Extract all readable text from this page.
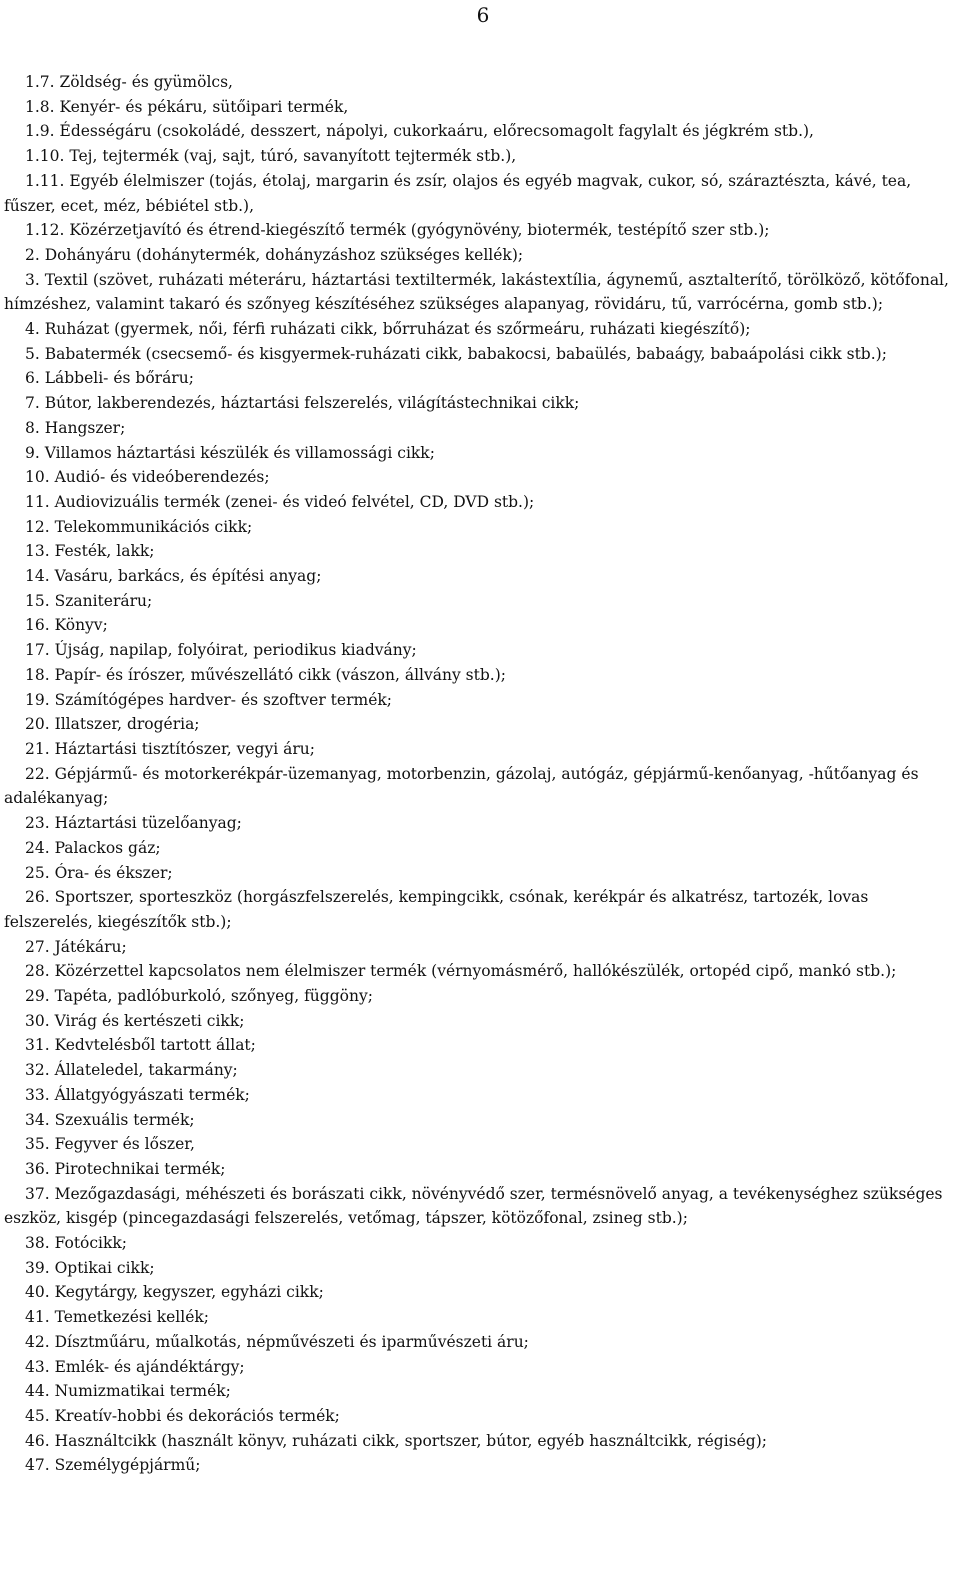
6

1.7. Zöldség- és gyümölcs,

1.8. Kenyér- és pékáru, sütőipari termék,

1.9. Édességáru (csokoládé, desszert, nápolyi, cukorkaáru, előrecsomagolt fagylalt és jégkrém stb.),

1.10. Tej, tejtermék (vaj, sajt, túró, savanyított tejtermék stb.),

1.11. Egyéb élelmiszer (tojás, étolaj, margarin és zsír, olajos és egyéb magvak, cukor, só, száraztészta, kávé, tea, fűszer, ecet, méz, bébiétel stb.),

1.12. Közérzetjavító és étrend-kiegészítő termék (gyógynövény, biotermék, testépítő szer stb.);

2. Dohányáru (dohánytermék, dohányzáshoz szükséges kellék);

3. Textil (szövet, ruházati méteráru, háztartási textiltermék, lakástextília, ágynemű, asztalterítő, törölköző, kötőfonal, hímzéshez, valamint takaró és szőnyeg készítéséhez szükséges alapanyag, rövidáru, tű, varrócérna, gomb stb.);

4. Ruházat (gyermek, női, férfi ruházati cikk, bőrruházat és szőrmeáru, ruházati kiegészítő);

5. Babatermék (csecsemő- és kisgyermek-ruházati cikk, babakocsi, babaülés, babaágy, babaápolási cikk stb.);

6. Lábbeli- és bőráru;

7. Bútor, lakberendezés, háztartási felszerelés, világítástechnikai cikk;

8. Hangszer;

9. Villamos háztartási készülék és villamossági cikk;

10. Audió- és videóberendezés;

11. Audiovizuális termék (zenei- és videó felvétel, CD, DVD stb.);

12. Telekommunikációs cikk;

13. Festék, lakk;

14. Vasáru, barkács, és építési anyag;

15. Szaniteráru;

16. Könyv;

17. Újság, napilap, folyóirat, periodikus kiadvány;

18. Papír- és írószer, művészellátó cikk (vászon, állvány stb.);

19. Számítógépes hardver- és szoftver termék;

20. Illatszer, drogéria;

21. Háztartási tisztítószer, vegyi áru;

22. Gépjármű- és motorkerékpár-üzemanyag, motorbenzin, gázolaj, autógáz, gépjármű-kenőanyag, -hűtőanyag és adalékanyag;

23. Háztartási tüzelőanyag;

24. Palackos gáz;

25. Óra- és ékszer;

26. Sportszer, sporteszköz (horgászfelszerelés, kempingcikk, csónak, kerékpár és alkatrész, tartozék, lovas felszerelés, kiegészítők stb.);

27. Játékáru;

28. Közérzettel kapcsolatos nem élelmiszer termék (vérnyomásmérő, hallókészülék, ortopéd cipő, mankó stb.);

29. Tapéta, padlóburkoló, szőnyeg, függöny;

30. Virág és kertészeti cikk;

31. Kedvtelésből tartott állat;

32. Állateledel, takarmány;

33. Állatgyógyászati termék;

34. Szexuális termék;

35. Fegyver és lőszer,

36. Pirotechnikai termék;

37. Mezőgazdasági, méhészeti és borászati cikk, növényvédő szer, termésnövelő anyag, a tevékenységhez szükséges eszköz, kisgép (pincegazdasági felszerelés, vetőmag, tápszer, kötözőfonal, zsineg stb.);

38. Fotócikk;

39. Optikai cikk;

40. Kegytárgy, kegyszer, egyházi cikk;

41. Temetkezési kellék;

42. Dísztműáru, műalkotás, népművészeti és iparművészeti áru;

43. Emlék- és ajándéktárgy;

44. Numizmatikai termék;

45. Kreatív-hobbi és dekorációs termék;

46. Használtcikk (használt könyv, ruházati cikk, sportszer, bútor, egyéb használtcikk, régiség);

47. Személygépjármű;
